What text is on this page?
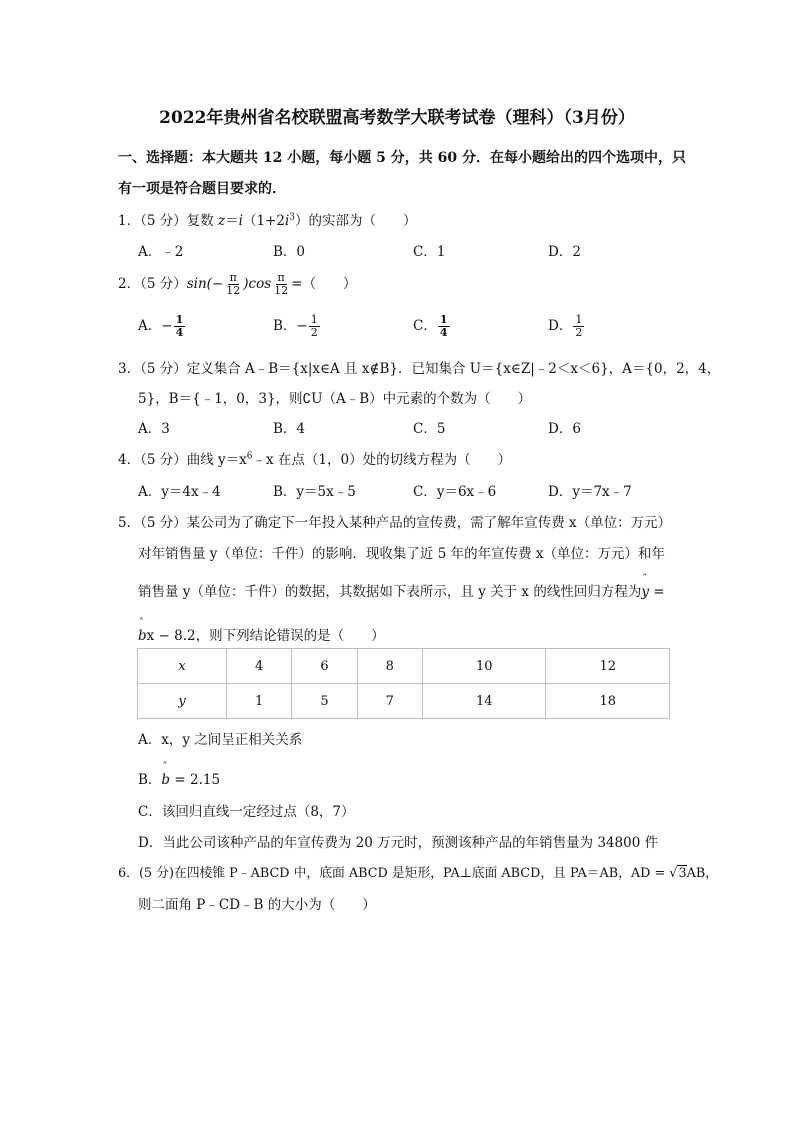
2022年贵州省名校联盟高考数学大联考试卷（理科）（3月份）
一、选择题：本大题共 12 小题，每小题 5 分，共 60 分．在每小题给出的四个选项中，只
有一项是符合题目要求的．
1．（5 分）复数 $z=i(1+2i^3)$的实部为（　　）
A．﹣2	B．0	C．1	D．2
2．（5 分）$\sin(- \frac{\pi}{12} )\cos \frac{\pi}{12}$ =（　　）
A．− $\frac{1}{4}$	B．− $\frac{1}{2}$	C． $\frac{1}{4}$	D． $\frac{1}{2}$
3．（5 分）定义集合 A﹣B＝{x|x∈A 且 x∉B}．已知集合 U＝{x∈Z|﹣2＜x＜6}，A＝{0，2，4，
5}，B＝{﹣1，0，3}，则∁U（A﹣B）中元素的个数为（　　）
A．3	B．4	C．5	D．6
4．（5 分）曲线 $y=x^6﹣x$ 在点（1，0）处的切线方程为（　　）
A．y＝4x﹣4	B．y＝5x﹣5	C．y＝6x﹣6	D．y＝7x﹣7
5．（5 分）某公司为了确定下一年投入某种产品的宣传费，需了解年宣传费 x（单位：万元）
对年销售量 y（单位：千件）的影响．现收集了近 5 年的年宣传费 x（单位：万元）和年
销售量 y（单位：千件）的数据，其数据如下表所示，且 y 关于 x 的线性回归方程为ˆ y =
ˆ bx − 8.2，则下列结论错误的是（　　）
x	4	6	8	10	12
y	1	5	7	14	18
A．x，y 之间呈正相关关系
B．ˆ b = 2.15
C．该回归直线一定经过点（8，7）
D．当此公司该种产品的年宣传费为 20 万元时，预测该种产品的年销售量为 34800 件
6．(5 分)在四棱锥 P﹣ABCD 中，底面 ABCD 是矩形，PA⊥底面 ABCD，且 PA＝AB，AD = √3AB，
则二面角 P﹣CD﹣B 的大小为（　　）
